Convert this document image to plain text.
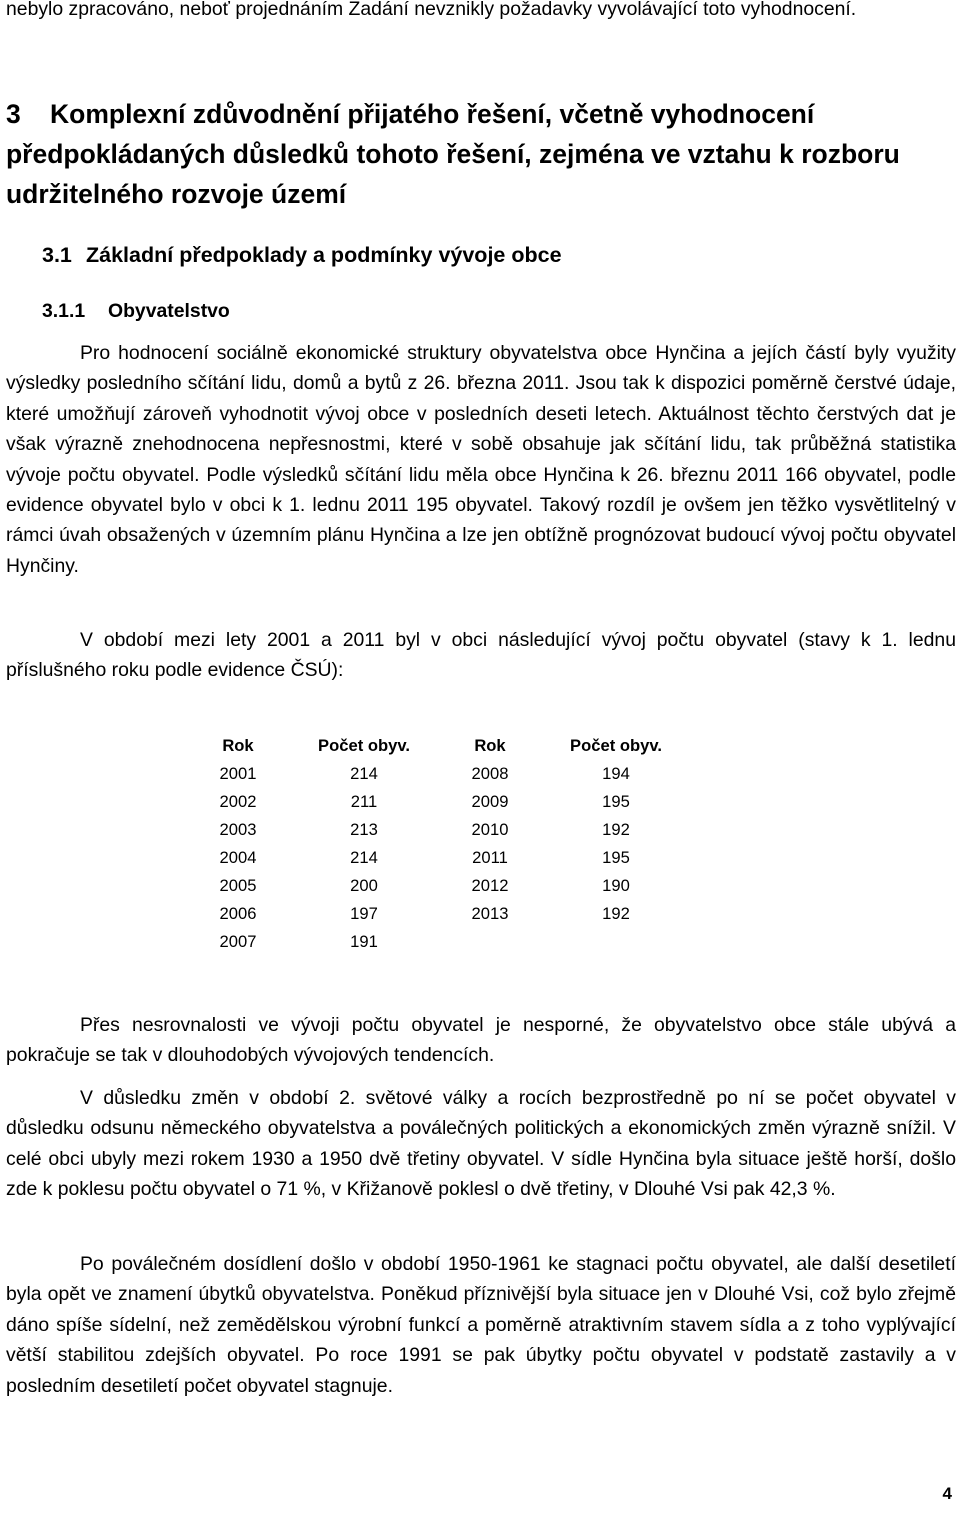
nebylo zpracováno, neboť projednáním Zadání nevznikly požadavky vyvolávající toto vyhodnocení.

3 Komplexní zdůvodnění přijatého řešení, včetně vyhodnocení předpokládaných důsledků tohoto řešení, zejména ve vztahu k rozboru udržitelného rozvoje území
3.1 Základní předpoklady a podmínky vývoje obce
3.1.1 Obyvatelstvo

Pro hodnocení sociálně ekonomické struktury obyvatelstva obce Hynčina a jejích částí byly využity výsledky posledního sčítání lidu, domů a bytů z 26. března 2011. Jsou tak k dispozici poměrně čerstvé údaje, které umožňují zároveň vyhodnotit vývoj obce v posledních deseti letech. Aktuálnost těchto čerstvých dat je však výrazně znehodnocena nepřesnostmi, které v sobě obsahuje jak sčítání lidu, tak průběžná statistika vývoje počtu obyvatel. Podle výsledků sčítání lidu měla obce Hynčina k 26. březnu 2011 166 obyvatel, podle evidence obyvatel bylo v obci k 1. lednu 2011 195 obyvatel. Takový rozdíl je ovšem jen těžko vysvětlitelný v rámci úvah obsažených v územním plánu Hynčina a lze jen obtížně prognózovat budoucí vývoj počtu obyvatel Hynčiny.

V období mezi lety 2001 a 2011 byl v obci následující vývoj počtu obyvatel (stavy k 1. lednu příslušného roku podle evidence ČSÚ):

Rok	Počet obyv.	Rok	Počet obyv.
2001	214	2008	194
2002	211	2009	195
2003	213	2010	192
2004	214	2011	195
2005	200	2012	190
2006	197	2013	192
2007	191		

Přes nesrovnalosti ve vývoji počtu obyvatel je nesporné, že obyvatelstvo obce stále ubývá a pokračuje se tak v dlouhodobých vývojových tendencích.

V důsledku změn v období 2. světové války a rocích bezprostředně po ní se počet obyvatel v důsledku odsunu německého obyvatelstva a poválečných politických a ekonomických změn výrazně snížil. V celé obci ubyly mezi rokem 1930 a 1950 dvě třetiny obyvatel. V sídle Hynčina byla situace ještě horší, došlo zde k poklesu počtu obyvatel o 71 %, v Křižanově poklesl o dvě třetiny, v Dlouhé Vsi pak 42,3 %.

Po poválečném dosídlení došlo v období 1950-1961 ke stagnaci počtu obyvatel, ale další desetiletí byla opět ve znamení úbytků obyvatelstva. Poněkud příznivější byla situace jen v Dlouhé Vsi, což bylo zřejmě dáno spíše sídelní, než zemědělskou výrobní funkcí a poměrně atraktivním stavem sídla a z toho vyplývající větší stabilitou zdejších obyvatel. Po roce 1991 se pak úbytky počtu obyvatel v podstatě zastavily a v posledním desetiletí počet obyvatel stagnuje.

4
